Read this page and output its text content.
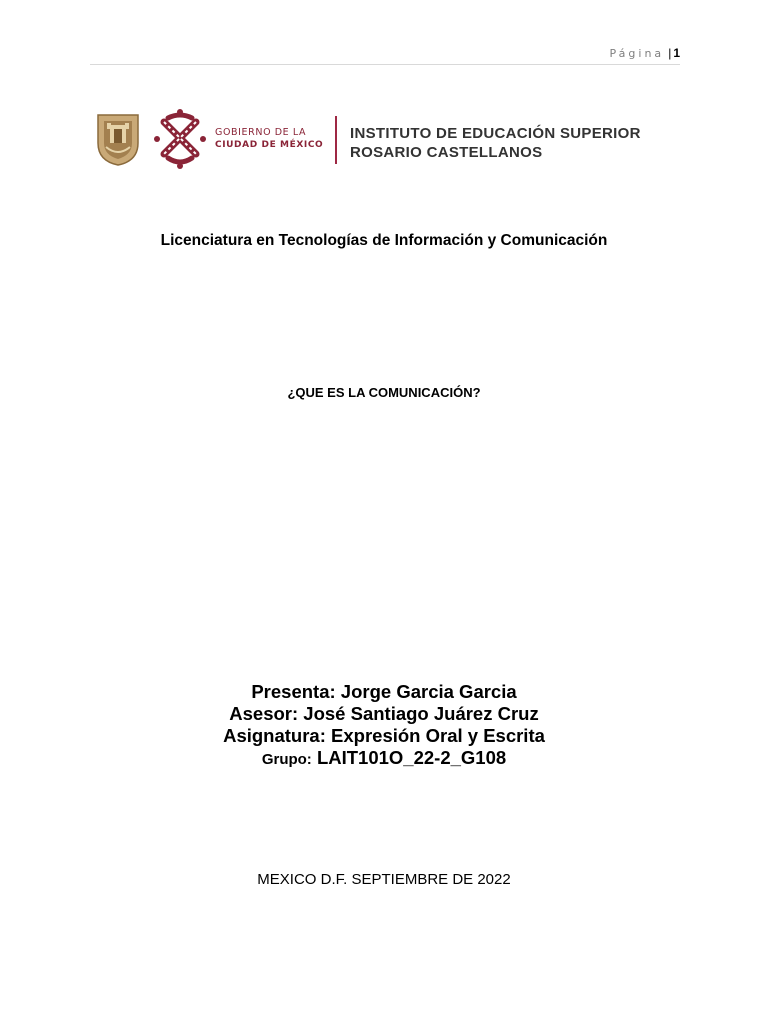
Página | 1
GOBIERNO DE LA
CIUDAD DE MÉXICO
INSTITUTO DE EDUCACIÓN SUPERIOR
ROSARIO CASTELLANOS
Licenciatura en Tecnologías de Información y Comunicación
¿QUE ES LA COMUNICACIÓN?
Presenta: Jorge Garcia Garcia
Asesor: José Santiago Juárez Cruz
Asignatura: Expresión Oral y Escrita
Grupo: LAIT101O_22-2_G108
MEXICO D.F. SEPTIEMBRE DE 2022
